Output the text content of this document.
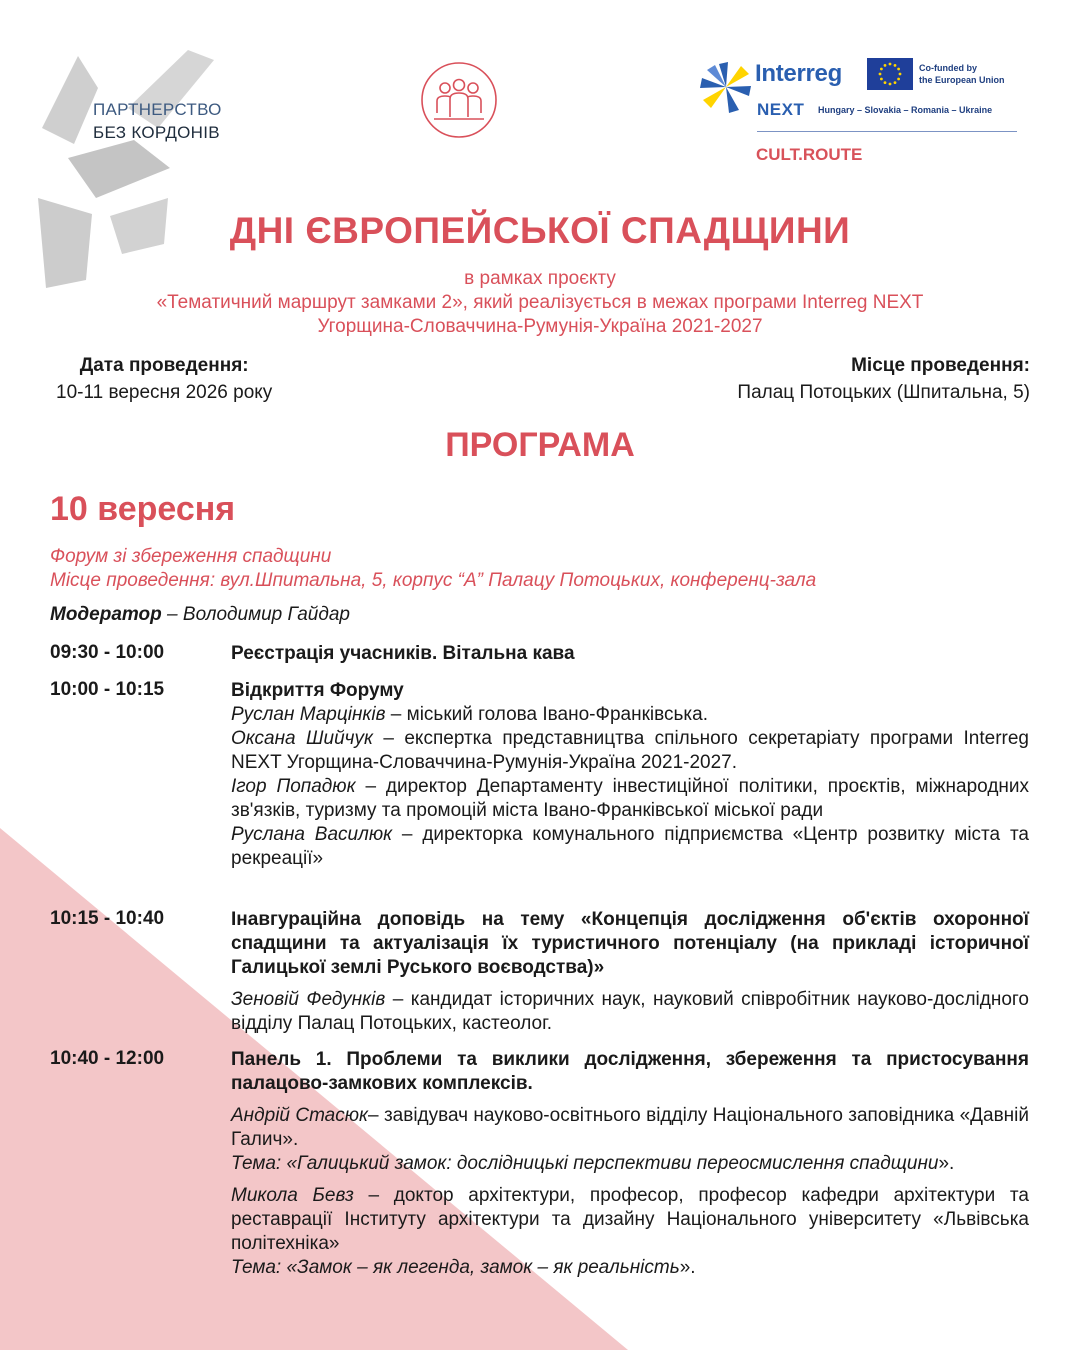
ПАРТНЕРСТВО
БЕЗ КОРДОНІВ
Interreg	Co-funded by
the European Union
NEXT Hungary – Slovakia – Romania – Ukraine
CULT.ROUTE
ДНІ ЄВРОПЕЙСЬКОЇ СПАДЩИНИ
в рамках проєкту
«Тематичний маршрут замками 2», який реалізується в межах програми Interreg NEXT
Угорщина-Словаччина-Румунія-Україна 2021-2027
Дата проведення:
10-11 вересня 2026 року
Місце проведення:
Палац Потоцьких (Шпитальна, 5)
ПРОГРАМА
10 вересня
Форум зі збереження спадщини
Місце проведення: вул.Шпитальна, 5, корпус “А” Палацу Потоцьких, конференц-зала
Модератор – Володимир Гайдар
09:30 - 10:00	Реєстрація учасників. Вітальна кава

10:00 - 10:15	Відкриття Форуму

Руслан Марцінків – міський голова Івано-Франківська.

Оксана Шийчук – експертка представництва спільного секретаріату програми Interreg NEXT Угорщина-Словаччина-Румунія-Україна 2021-2027.

Ігор Попадюк – директор Департаменту інвестиційної політики, проєктів, міжнародних зв'язків, туризму та промоцій міста Івано-Франківської міської ради

Руслана Василюк – директорка комунального підприємства «Центр розвитку міста та рекреації»

10:15 - 10:40	Інавгураційна доповідь на тему «Концепція дослідження об'єктів охоронної спадщини та актуалізація їх туристичного потенціалу (на прикладі історичної Галицької землі Руського воєводства)»

Зеновій Федунків – кандидат історичних наук, науковий співробітник науково-дослідного відділу Палац Потоцьких, кастеолог.

10:40 - 12:00	Панель 1. Проблеми та виклики дослідження, збереження та пристосування палацово-замкових комплексів.

Андрій Стасюк– завідувач науково-освітнього відділу Національного заповідника «Давній Галич».

Тема: «Галицький замок: дослідницькі перспективи переосмислення спадщини».

Микола Бевз – доктор архітектури, професор, професор кафедри архітектури та реставрації Інституту архітектури та дизайну Національного університету «Львівська політехніка»

Тема: «Замок – як легенда, замок – як реальність».
